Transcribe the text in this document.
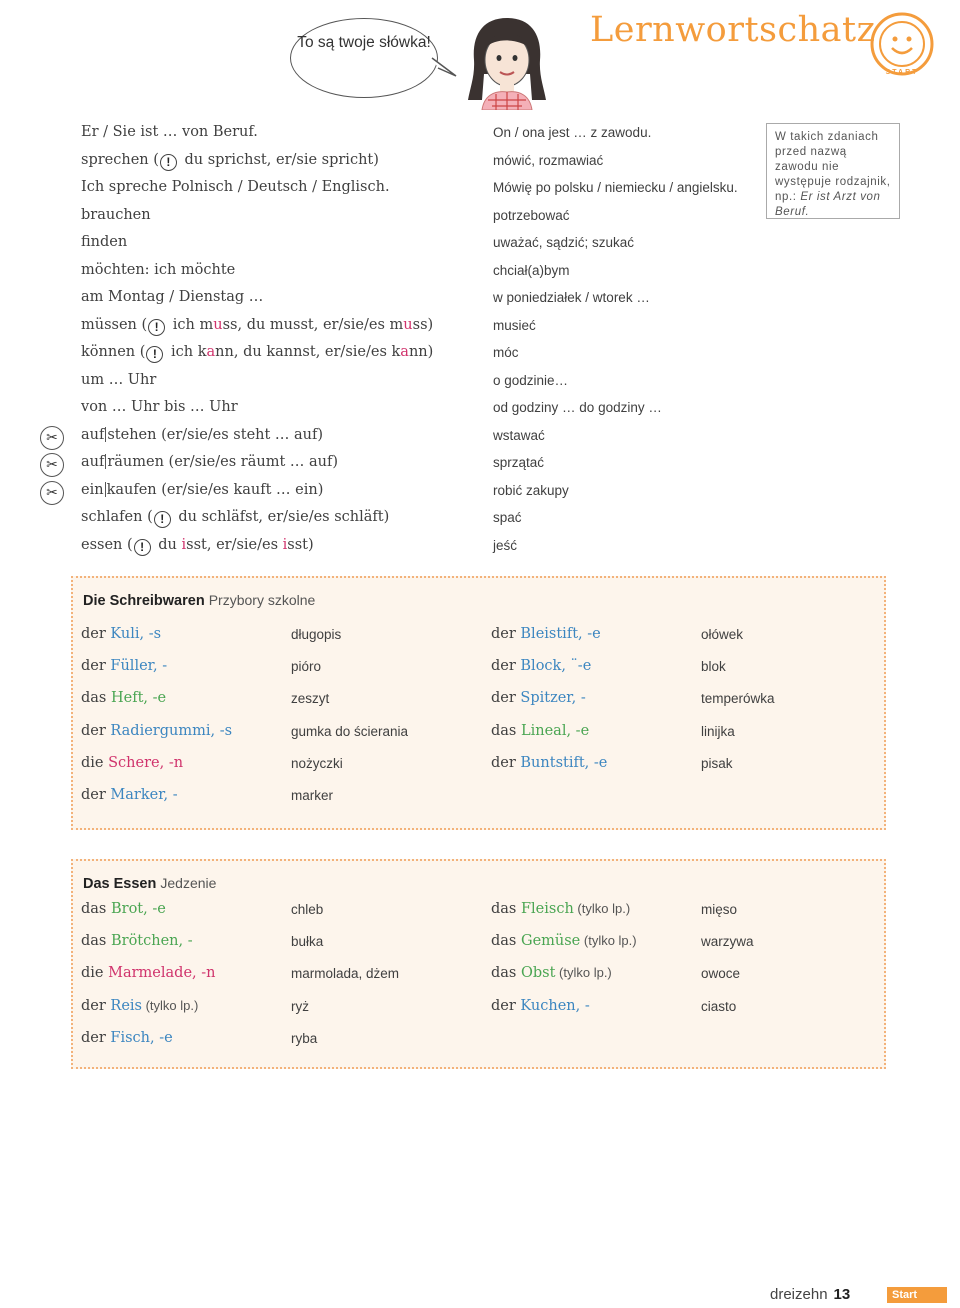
To są twoje słówka!	Lernwortschatz
START
W takich zdaniach przed nazwą zawodu nie występuje rodzajnik, np.: Er ist Arzt von Beruf.
Er / Sie ist … von Beruf.	On / ona jest … z zawodu.
sprechen ( ! du sprichst, er/sie spricht)	mówić, rozmawiać
Ich spreche Polnisch / Deutsch / Englisch.	Mówię po polsku / niemiecku / angielsku.
brauchen	potrzebować
finden	uważać, sądzić; szukać
möchten: ich möchte	chciał(a)bym
am Montag / Dienstag …	w poniedziałek / wtorek …
müssen ( ! ich muss, du musst, er/sie/es muss)	musieć
können ( ! ich kann, du kannst, er/sie/es kann)	móc
um … Uhr	o godzinie…
von … Uhr bis … Uhr	od godziny … do godziny …
✂	auf stehen (er/sie/es steht … auf)	wstawać
✂	auf räumen (er/sie/es räumt … auf)	sprzątać
✂	ein kaufen (er/sie/es kauft … ein)	robić zakupy
schlafen ( ! du schläfst, er/sie/es schläft)	spać
essen ( ! du isst, er/sie/es isst)	jeść
Die Schreibwaren Przybory szkolne
der Kuli, -s	długopis	der Bleistift, -e	ołówek
der Füller, -	pióro	der Block, ¨-e	blok
das Heft, -e	zeszyt	der Spitzer, -	temperówka
der Radiergummi, -s	gumka do ścierania	das Lineal, -e	linijka
die Schere, -n	nożyczki	der Buntstift, -e	pisak
der Marker, -	marker
Das Essen Jedzenie
das Brot, -e	chleb	das Fleisch (tylko lp.)	mięso
das Brötchen, -	bułka	das Gemüse (tylko lp.)	warzywa
die Marmelade, -n	marmolada, dżem	das Obst (tylko lp.)	owoce
der Reis (tylko lp.)	ryż	der Kuchen, -	ciasto
der Fisch, -e	ryba
dreizehn 13	Start
